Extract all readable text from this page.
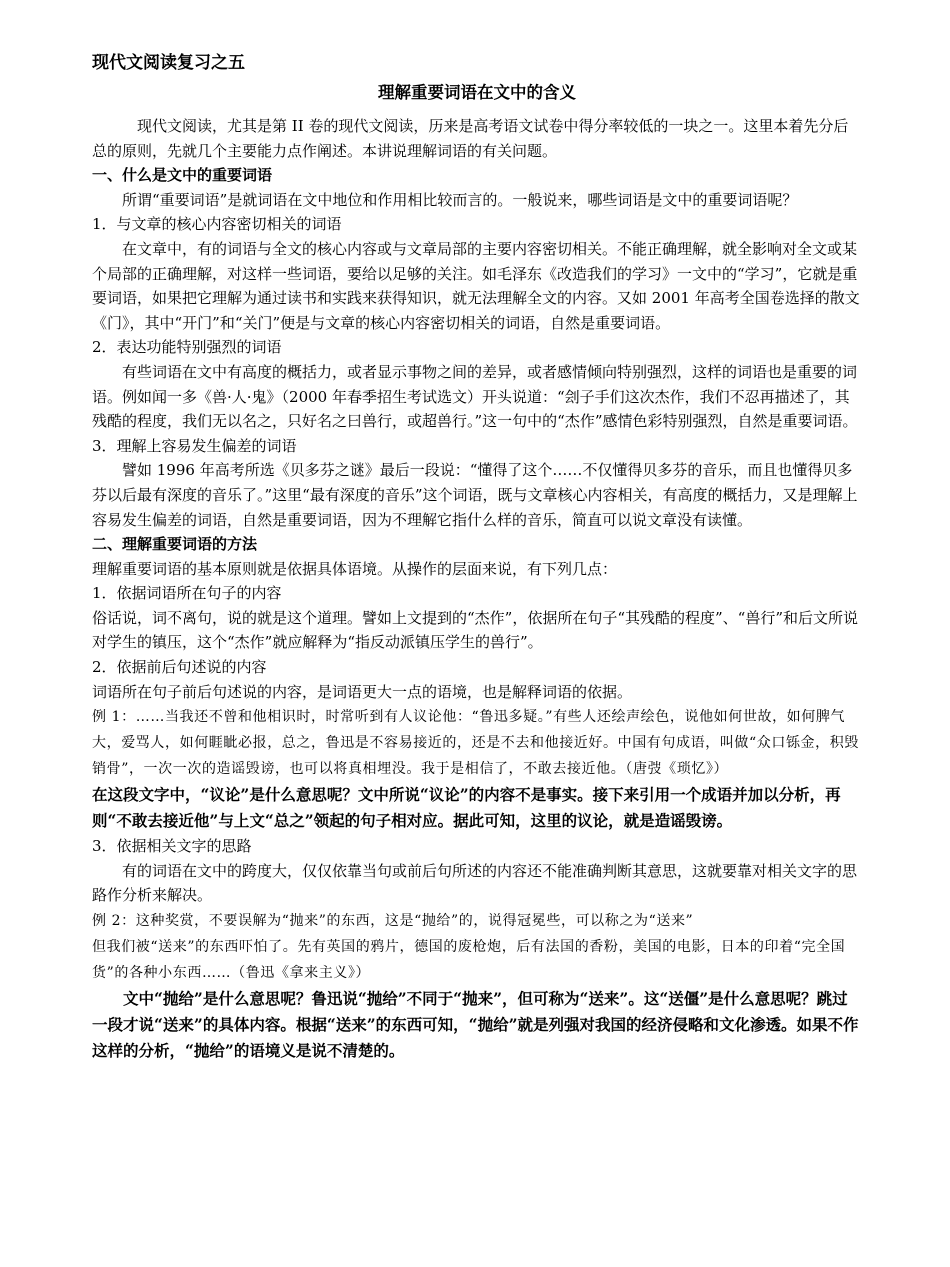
现代文阅读复习之五

理解重要词语在文中的含义

现代文阅读，尤其是第 II 卷的现代文阅读，历来是高考语文试卷中得分率较低的一块之一。这里本着先分后总的原则，先就几个主要能力点作阐述。本讲说理解词语的有关问题。

一、什么是文中的重要词语

所谓“重要词语”是就词语在文中地位和作用相比较而言的。一般说来，哪些词语是文中的重要词语呢？

1．与文章的核心内容密切相关的词语

在文章中，有的词语与全文的核心内容或与文章局部的主要内容密切相关。不能正确理解，就全影响对全文或某个局部的正确理解，对这样一些词语，要给以足够的关注。如毛泽东《改造我们的学习》一文中的“学习”，它就是重要词语，如果把它理解为通过读书和实践来获得知识，就无法理解全文的内容。又如 2001 年高考全国卷选择的散文《门》，其中“开门”和“关门”便是与文章的核心内容密切相关的词语，自然是重要词语。

2．表达功能特别强烈的词语

有些词语在文中有高度的概括力，或者显示事物之间的差异，或者感情倾向特别强烈，这样的词语也是重要的词语。例如闻一多《兽·人·鬼》（2000 年春季招生考试选文）开头说道：“刽子手们这次杰作，我们不忍再描述了，其残酷的程度，我们无以名之，只好名之曰兽行，或超兽行。”这一句中的“杰作”感情色彩特别强烈，自然是重要词语。

3．理解上容易发生偏差的词语

譬如 1996 年高考所选《贝多芬之谜》最后一段说：“懂得了这个……不仅懂得贝多芬的音乐，而且也懂得贝多芬以后最有深度的音乐了。”这里“最有深度的音乐”这个词语，既与文章核心内容相关，有高度的概括力，又是理解上容易发生偏差的词语，自然是重要词语，因为不理解它指什么样的音乐，简直可以说文章没有读懂。

二、理解重要词语的方法

理解重要词语的基本原则就是依据具体语境。从操作的层面来说，有下列几点：

1．依据词语所在句子的内容

俗话说，词不离句，说的就是这个道理。譬如上文提到的“杰作”，依据所在句子“其残酷的程度”、“兽行”和后文所说对学生的镇压，这个“杰作”就应解释为“指反动派镇压学生的兽行”。

2．依据前后句述说的内容

词语所在句子前后句述说的内容，是词语更大一点的语境，也是解释词语的依据。

例 1：……当我还不曾和他相识时，时常听到有人议论他：“鲁迅多疑。”有些人还绘声绘色，说他如何世故，如何脾气大，爱骂人，如何睚眦必报，总之，鲁迅是不容易接近的，还是不去和他接近好。中国有句成语，叫做“众口铄金，积毁销骨”，一次一次的造谣毁谤，也可以将真相埋没。我于是相信了，不敢去接近他。（唐弢《琐忆》）

在这段文字中，“议论”是什么意思呢？文中所说“议论”的内容不是事实。接下来引用一个成语并加以分析，再则“不敢去接近他”与上文“总之”领起的句子相对应。据此可知，这里的议论，就是造谣毁谤。

3．依据相关文字的思路

有的词语在文中的跨度大，仅仅依靠当句或前后句所述的内容还不能准确判断其意思，这就要靠对相关文字的思路作分析来解决。

例 2：这种奖赏，不要误解为“抛来”的东西，这是“抛给”的，说得冠冕些，可以称之为“送来”

但我们被“送来”的东西吓怕了。先有英国的鸦片，德国的废枪炮，后有法国的香粉，美国的电影，日本的印着“完全国货”的各种小东西……（鲁迅《拿来主义》）

文中“抛给”是什么意思呢？鲁迅说“抛给”不同于“抛来”，但可称为“送来”。这“送僵”是什么意思呢？跳过一段才说“送来”的具体内容。根据“送来”的东西可知，“抛给”就是列强对我国的经济侵略和文化渗透。如果不作这样的分析，“抛给”的语境义是说不清楚的。
